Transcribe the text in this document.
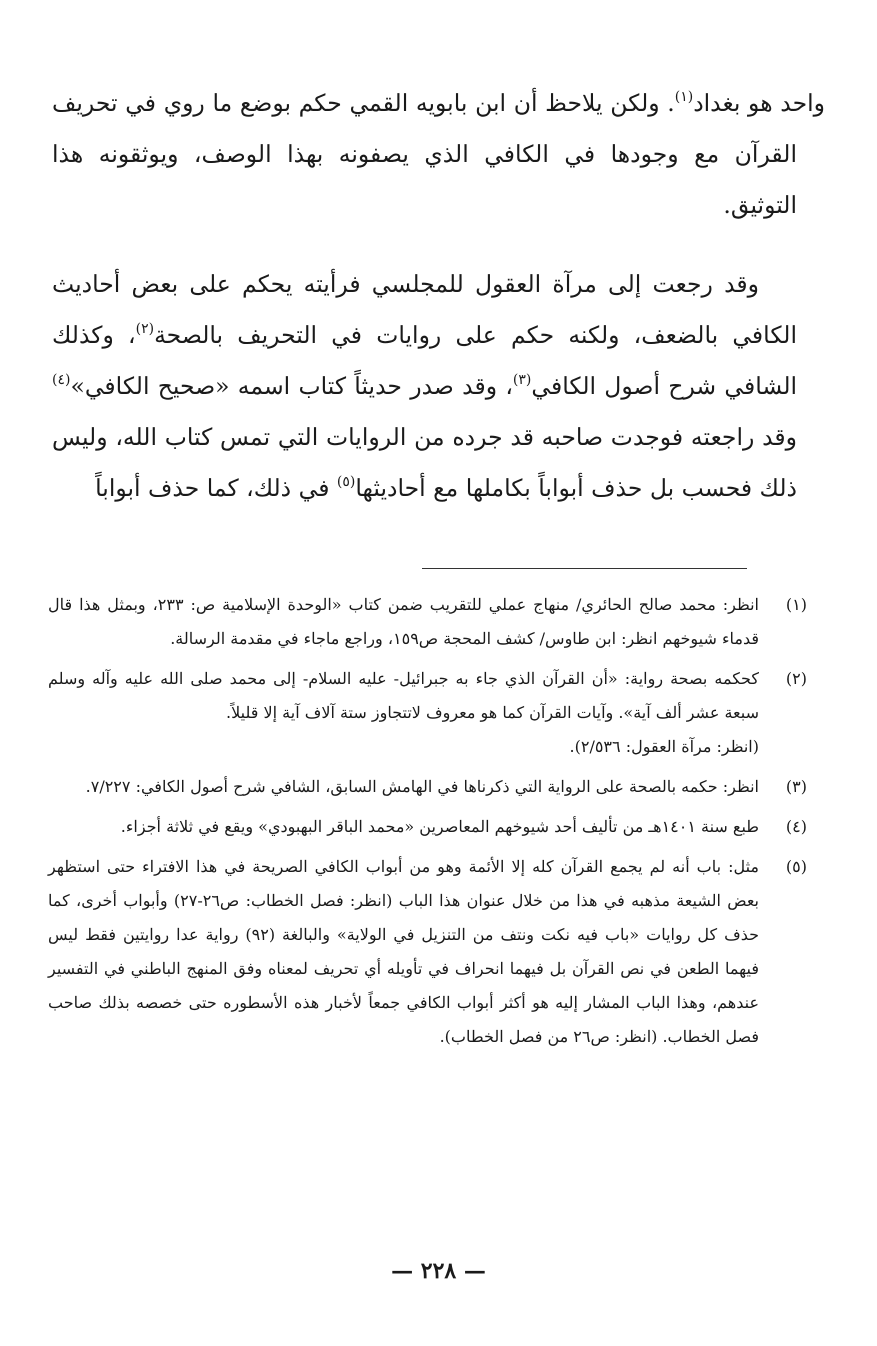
واحد هو بغداد$^{(١)}$. ولكن يلاحظ أن ابن بابويه القمي حكم بوضع ما روي في تحريف القرآن مع وجودها في الكافي الذي يصفونه بهذا الوصف، ويوثقونه هذا التوثيق.

وقد رجعت إلى مرآة العقول للمجلسي فرأيته يحكم على بعض أحاديث الكافي بالضعف، ولكنه حكم على روايات في التحريف بالصحة$^{(٢)}$، وكذلك الشافي شرح أصول الكافي$^{(٣)}$، وقد صدر حديثاً كتاب اسمه «صحيح الكافي»$^{(٤)}$ وقد راجعته فوجدت صاحبه قد جرده من الروايات التي تمس كتاب الله، وليس ذلك فحسب بل حذف أبواباً بكاملها مع أحاديثها$^{(٥)}$ في ذلك، كما حذف أبواباً

(١)

انظر: محمد صالح الحائري/ منهاج عملي للتقريب ضمن كتاب «الوحدة الإسلامية ص: ٢٣٣، وبمثل هذا قال قدماء شيوخهم انظر: ابن طاوس/ كشف المحجة ص١٥٩، وراجع ماجاء في مقدمة الرسالة.

(٢)

كحكمه بصحة رواية: «أن القرآن الذي جاء به جبرائيل- عليه السلام- إلى محمد صلى الله عليه وآله وسلم سبعة عشر ألف آية». وآيات القرآن كما هو معروف لاتتجاوز ستة آلاف آية إلا قليلاً.

(انظر: مرآة العقول: ٢/٥٣٦).

(٣)

انظر: حكمه بالصحة على الرواية التي ذكرناها في الهامش السابق، الشافي شرح أصول الكافي: ٧/٢٢٧.

(٤)

طبع سنة ١٤٠١هـ من تأليف أحد شيوخهم المعاصرين «محمد الباقر البهبودي» ويقع في ثلاثة أجزاء.

(٥)

مثل: باب أنه لم يجمع القرآن كله إلا الأئمة وهو من أبواب الكافي الصريحة في هذا الافتراء حتى استظهر بعض الشيعة مذهبه في هذا من خلال عنوان هذا الباب (انظر: فصل الخطاب: ص٢٦-٢٧) وأبواب أخرى، كما حذف كل روايات «باب فيه نكت ونتف من التنزيل في الولاية» والبالغة (٩٢) رواية عدا روايتين فقط ليس فيهما الطعن في نص القرآن بل فيهما انحراف في تأويله أي تحريف لمعناه وفق المنهج الباطني في التفسير عندهم، وهذا الباب المشار إليه هو أكثر أبواب الكافي جمعاً لأخبار هذه الأسطوره حتى خصصه بذلك صاحب فصل الخطاب. (انظر: ص٢٦ من فصل الخطاب).

— ٢٢٨ —
